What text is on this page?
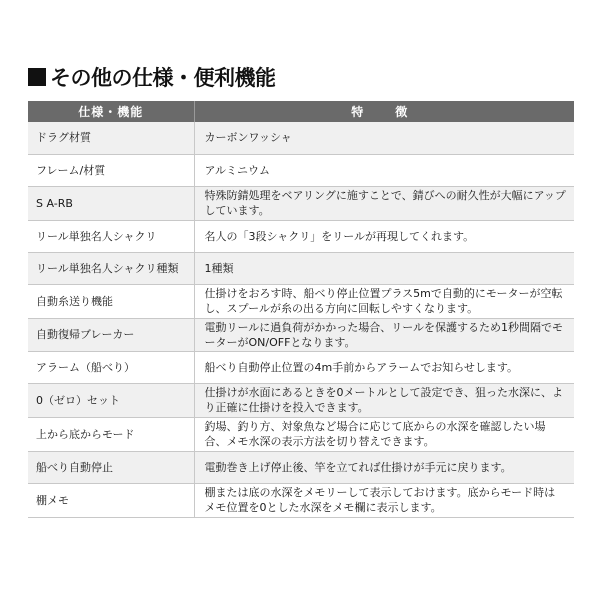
その他の仕様・便利機能
仕様・機能	特　徴
ドラグ材質	カーボンワッシャ
フレーム/材質	アルミニウム
S A-RB	特殊防錆処理をベアリングに施すことで、錆びへの耐久性が大幅にアップしています。
リール単独名人シャクリ	名人の「3段シャクリ」をリールが再現してくれます。
リール単独名人シャクリ種類	1種類
自動糸送り機能	仕掛けをおろす時、船べり停止位置プラス5mで自動的にモーターが空転し、スプールが糸の出る方向に回転しやすくなります。
自動復帰ブレーカー	電動リールに過負荷がかかった場合、リールを保護するため1秒間隔でモーターがON/OFFとなります。
アラーム（船べり）	船べり自動停止位置の4m手前からアラームでお知らせします。
0（ゼロ）セット	仕掛けが水面にあるときを0メートルとして設定でき、狙った水深に、より正確に仕掛けを投入できます。
上から底からモード	釣場、釣り方、対象魚など場合に応じて底からの水深を確認したい場合、メモ水深の表示方法を切り替えできます。
船べり自動停止	電動巻き上げ停止後、竿を立てれば仕掛けが手元に戻ります。
棚メモ	棚または底の水深をメモリーして表示しておけます。底からモード時はメモ位置を0とした水深をメモ欄に表示します。
